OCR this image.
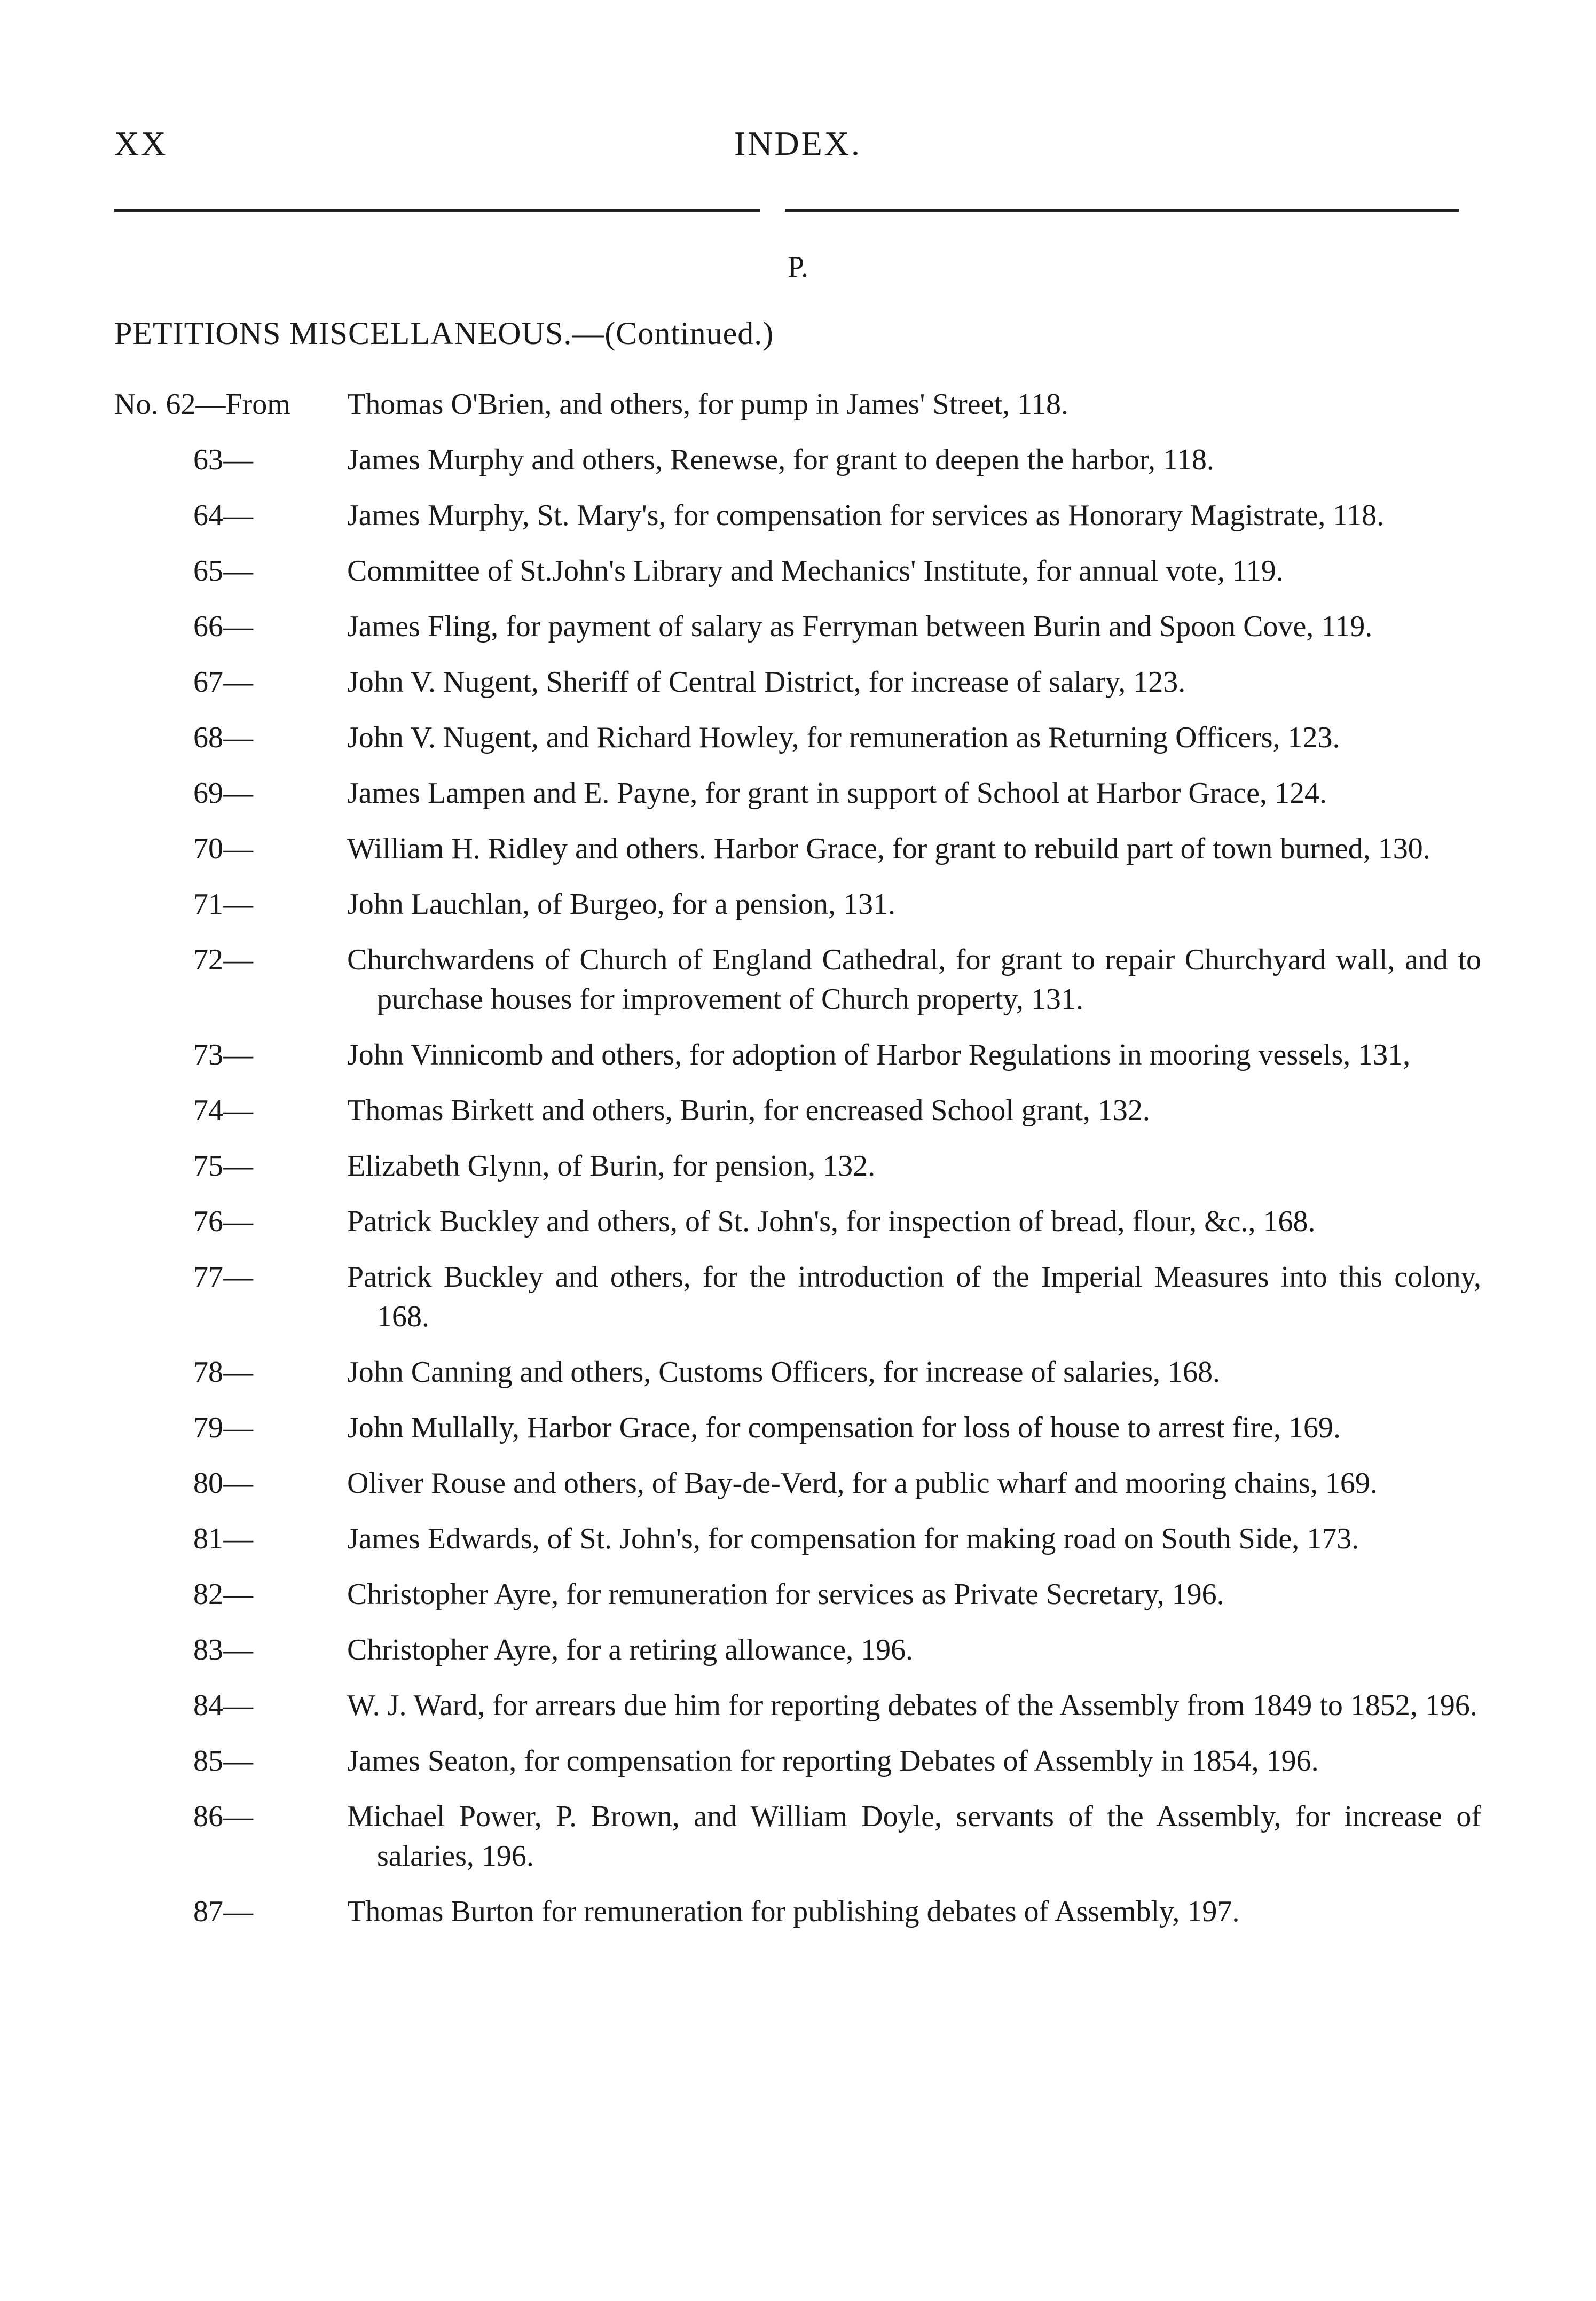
XX	INDEX.
P.
PETITIONS MISCELLANEOUS.—(Continued.)
No. 62—From	Thomas O'Brien, and others, for pump in James' Street, 118.
63—	James Murphy and others, Renewse, for grant to deepen the harbor, 118.
64—	James Murphy, St. Mary's, for compensation for services as Honorary Magistrate, 118.
65—	Committee of St.John's Library and Mechanics' Institute, for annual vote, 119.
66—	James Fling, for payment of salary as Ferryman between Burin and Spoon Cove, 119.
67—	John V. Nugent, Sheriff of Central District, for increase of salary, 123.
68—	John V. Nugent, and Richard Howley, for remuneration as Returning Officers, 123.
69—	James Lampen and E. Payne, for grant in support of School at Harbor Grace, 124.
70—	William H. Ridley and others. Harbor Grace, for grant to rebuild part of town burned, 130.
71—	John Lauchlan, of Burgeo, for a pension, 131.
72—	Churchwardens of Church of England Cathedral, for grant to repair Churchyard wall, and to purchase houses for improvement of Church property, 131.
73—	John Vinnicomb and others, for adoption of Harbor Regulations in mooring vessels, 131,
74—	Thomas Birkett and others, Burin, for encreased School grant, 132.
75—	Elizabeth Glynn, of Burin, for pension, 132.
76—	Patrick Buckley and others, of St. John's, for inspection of bread, flour, &c., 168.
77—	Patrick Buckley and others, for the introduction of the Imperial Measures into this colony, 168.
78—	John Canning and others, Customs Officers, for increase of salaries, 168.
79—	John Mullally, Harbor Grace, for compensation for loss of house to arrest fire, 169.
80—	Oliver Rouse and others, of Bay-de-Verd, for a public wharf and mooring chains, 169.
81—	James Edwards, of St. John's, for compensation for making road on South Side, 173.
82—	Christopher Ayre, for remuneration for services as Private Secretary, 196.
83—	Christopher Ayre, for a retiring allowance, 196.
84—	W. J. Ward, for arrears due him for reporting debates of the Assembly from 1849 to 1852, 196.
85—	James Seaton, for compensation for reporting Debates of Assembly in 1854, 196.
86—	Michael Power, P. Brown, and William Doyle, servants of the Assembly, for increase of salaries, 196.
87—	Thomas Burton for remuneration for publishing debates of Assembly, 197.
